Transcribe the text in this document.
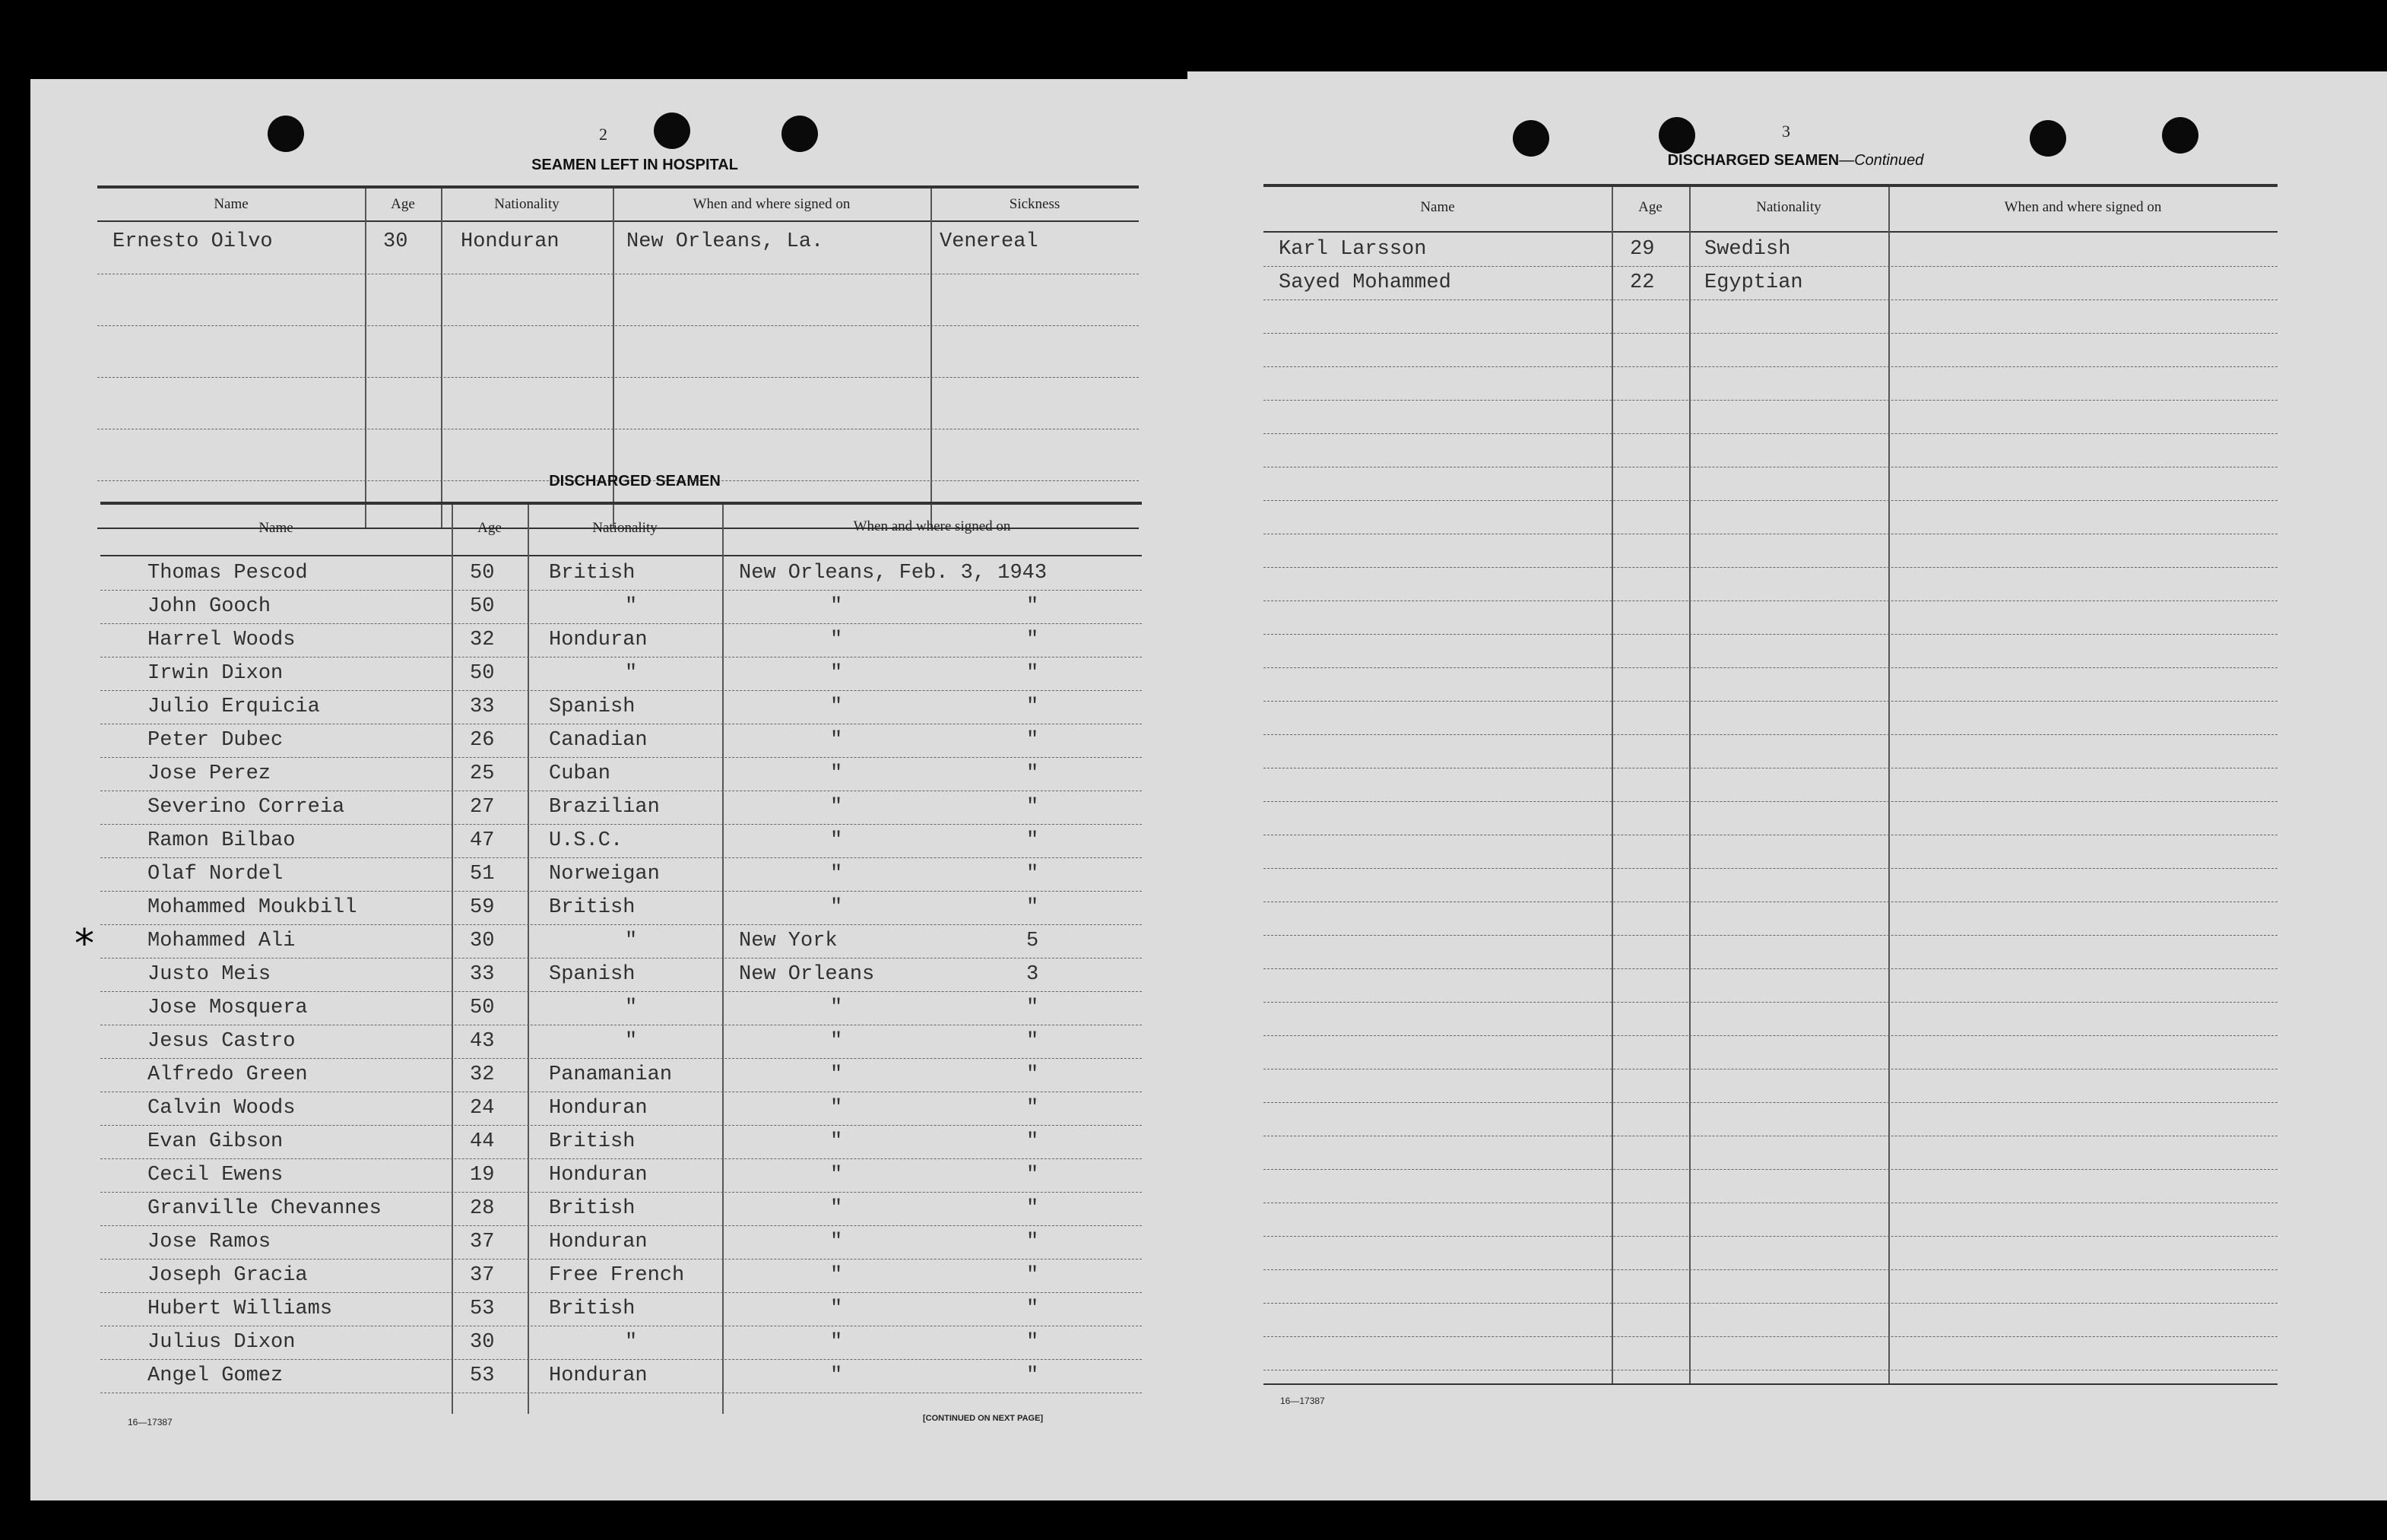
2
SEAMEN LEFT IN HOSPITAL
Name	Age	Nationality	When and where signed on	Sickness
Ernesto Oilvo	30	Honduran	New Orleans, La.	Venereal
DISCHARGED SEAMEN
Name	Age	Nationality	When and where signed on
Thomas Pescod	50	British	New Orleans, Feb. 3, 1943
John Gooch	50	"	"	"
Harrel Woods	32	Honduran	"	"
Irwin Dixon	50	"	"	"
Julio Erquicia	33	Spanish	"	"
Peter Dubec	26	Canadian	"	"
Jose Perez	25	Cuban	"	"
Severino Correia	27	Brazilian	"	"
Ramon Bilbao	47	U.S.C.	"	"
Olaf Nordel	51	Norweigan	"	"
Mohammed Moukbill	59	British	"	"
Mohammed Ali	30	"	New York	5
Justo Meis	33	Spanish	New Orleans	3
Jose Mosquera	50	"	"	"
Jesus Castro	43	"	"	"
Alfredo Green	32	Panamanian	"	"
Calvin Woods	24	Honduran	"	"
Evan Gibson	44	British	"	"
Cecil Ewens	19	Honduran	"	"
Granville Chevannes	28	British	"	"
Jose Ramos	37	Honduran	"	"
Joseph Gracia	37	Free French	"	"
Hubert Williams	53	British	"	"
Julius Dixon	30	"	"	"
Angel Gomez	53	Honduran	"	"
*
16—17387	[CONTINUED ON NEXT PAGE]
3
DISCHARGED SEAMEN—Continued
Name	Age	Nationality	When and where signed on
Karl Larsson	29 Swedish
Sayed Mohammed	22 Egyptian
16—17387
